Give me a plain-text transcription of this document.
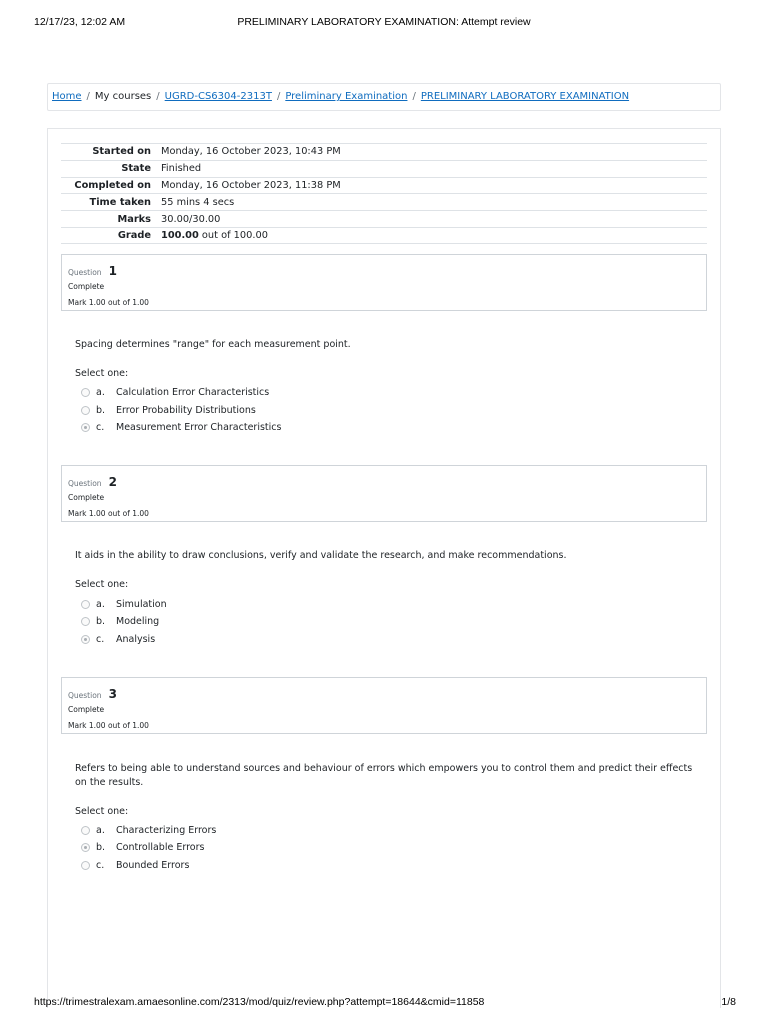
12/17/23, 12:02 AM	PRELIMINARY LABORATORY EXAMINATION: Attempt review
Home / My courses / UGRD-CS6304-2313T / Preliminary Examination / PRELIMINARY LABORATORY EXAMINATION
Started on	Monday, 16 October 2023, 10:43 PM
State	Finished
Completed on	Monday, 16 October 2023, 11:38 PM
Time taken	55 mins 4 secs
Marks	30.00/30.00
Grade	100.00 out of 100.00
Question 1
Complete
Mark 1.00 out of 1.00
Spacing determines "range" for each measurement point.
Select one:
a.	Calculation Error Characteristics
b.	Error Probability Distributions
c.	Measurement Error Characteristics
Question 2
Complete
Mark 1.00 out of 1.00
It aids in the ability to draw conclusions, verify and validate the research, and make recommendations.
Select one:
a.	Simulation
b.	Modeling
c.	Analysis
Question 3
Complete
Mark 1.00 out of 1.00
Refers to being able to understand sources and behaviour of errors which empowers you to control them and predict their effects on the results.
Select one:
a.	Characterizing Errors
b.	Controllable Errors
c.	Bounded Errors
https://trimestralexam.amaesonline.com/2313/mod/quiz/review.php?attempt=18644&cmid=11858	1/8
